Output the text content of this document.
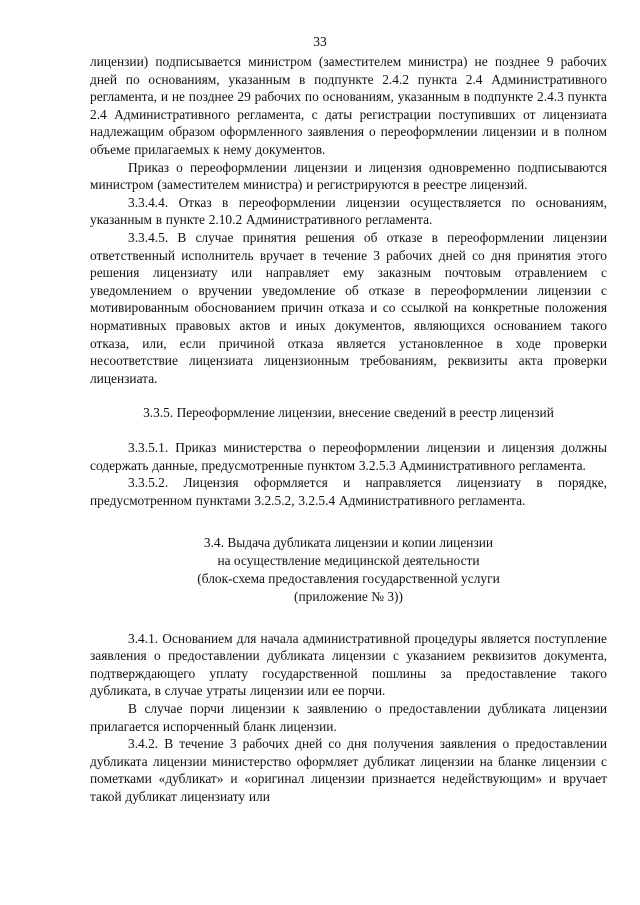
33

лицензии) подписывается министром (заместителем министра) не позднее 9 рабочих дней по основаниям, указанным в подпункте 2.4.2 пункта 2.4 Административного регламента, и не позднее 29 рабочих по основаниям, указанным в подпункте 2.4.3 пункта 2.4 Административного регламента, с даты регистрации поступивших от лицензиата надлежащим образом оформленного заявления о переоформлении лицензии и в полном объеме прилагаемых к нему документов.

Приказ о переоформлении лицензии и лицензия одновременно подписываются министром (заместителем министра) и регистрируются в реестре лицензий.

3.3.4.4. Отказ в переоформлении лицензии осуществляется по основаниям, указанным в пункте 2.10.2 Административного регламента.

3.3.4.5. В случае принятия решения об отказе в переоформлении лицензии ответственный исполнитель вручает в течение 3 рабочих дней со дня принятия этого решения лицензиату или направляет ему заказным почтовым отравлением с уведомлением о вручении уведомление об отказе в переоформлении лицензии с мотивированным обоснованием причин отказа и со ссылкой на конкретные положения нормативных правовых актов и иных документов, являющихся основанием такого отказа, или, если причиной отказа является установленное в ходе проверки несоответствие лицензиата лицензионным требованиям, реквизиты акта проверки лицензиата.

3.3.5. Переоформление лицензии, внесение сведений в реестр лицензий

3.3.5.1. Приказ министерства о переоформлении лицензии и лицензия должны содержать данные, предусмотренные пунктом 3.2.5.3 Административного регламента.

3.3.5.2. Лицензия оформляется и направляется лицензиату в порядке, предусмотренном пунктами 3.2.5.2, 3.2.5.4 Административного регламента.

3.4. Выдача дубликата лицензии и копии лицензии

на осуществление медицинской деятельности

(блок-схема предоставления государственной услуги

(приложение № 3))

3.4.1. Основанием для начала административной процедуры является поступление заявления о предоставлении дубликата лицензии с указанием реквизитов документа, подтверждающего уплату государственной пошлины за предоставление такого дубликата, в случае утраты лицензии или ее порчи.

В случае порчи лицензии к заявлению о предоставлении дубликата лицензии прилагается испорченный бланк лицензии.

3.4.2. В течение 3 рабочих дней со дня получения заявления о предоставлении дубликата лицензии министерство оформляет дубликат лицензии на бланке лицензии с пометками «дубликат» и «оригинал лицензии признается недействующим» и вручает такой дубликат лицензиату или
